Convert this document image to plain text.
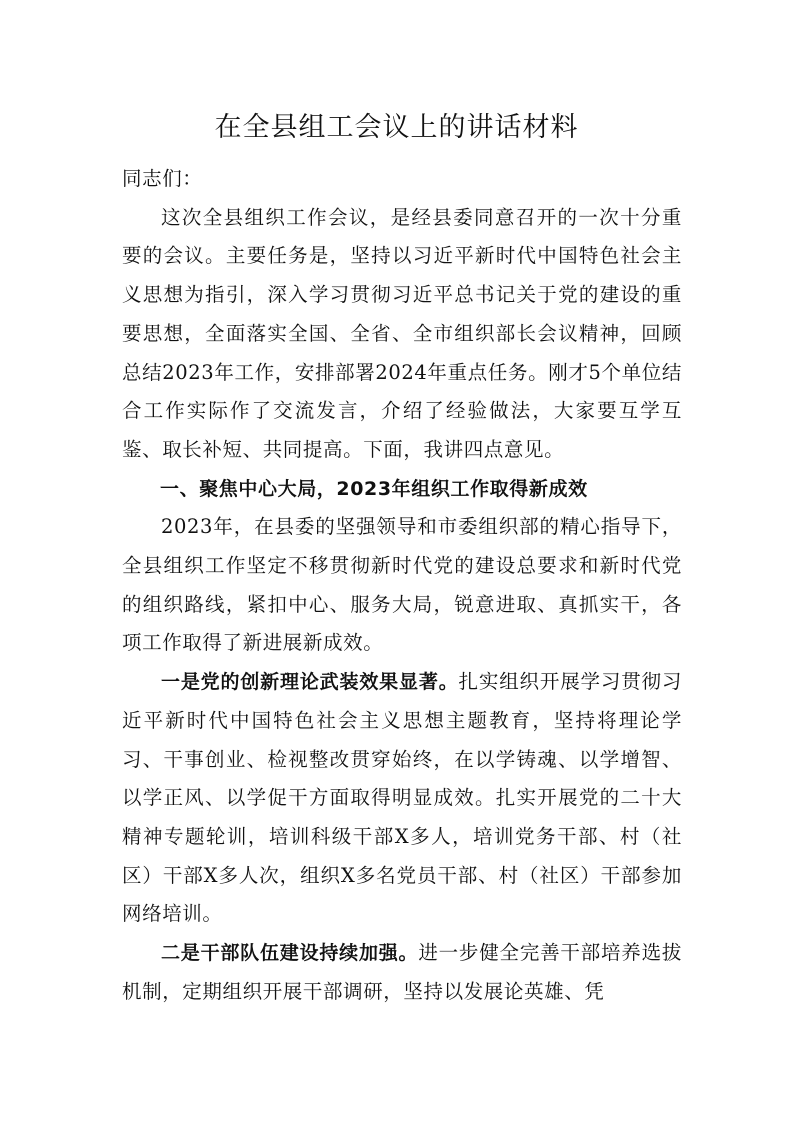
在全县组工会议上的讲话材料

同志们：

这次全县组织工作会议，是经县委同意召开的一次十分重要的会议。主要任务是，坚持以习近平新时代中国特色社会主义思想为指引，深入学习贯彻习近平总书记关于党的建设的重要思想，全面落实全国、全省、全市组织部长会议精神，回顾总结2023年工作，安排部署2024年重点任务。刚才5个单位结合工作实际作了交流发言，介绍了经验做法，大家要互学互鉴、取长补短、共同提高。下面，我讲四点意见。

一、聚焦中心大局，2023年组织工作取得新成效

2023年，在县委的坚强领导和市委组织部的精心指导下，全县组织工作坚定不移贯彻新时代党的建设总要求和新时代党的组织路线，紧扣中心、服务大局，锐意进取、真抓实干，各项工作取得了新进展新成效。

一是党的创新理论武装效果显著。扎实组织开展学习贯彻习近平新时代中国特色社会主义思想主题教育，坚持将理论学习、干事创业、检视整改贯穿始终，在以学铸魂、以学增智、以学正风、以学促干方面取得明显成效。扎实开展党的二十大精神专题轮训，培训科级干部X多人，培训党务干部、村（社区）干部X多人次，组织X多名党员干部、村（社区）干部参加网络培训。

二是干部队伍建设持续加强。进一步健全完善干部培养选拔机制，定期组织开展干部调研，坚持以发展论英雄、凭
